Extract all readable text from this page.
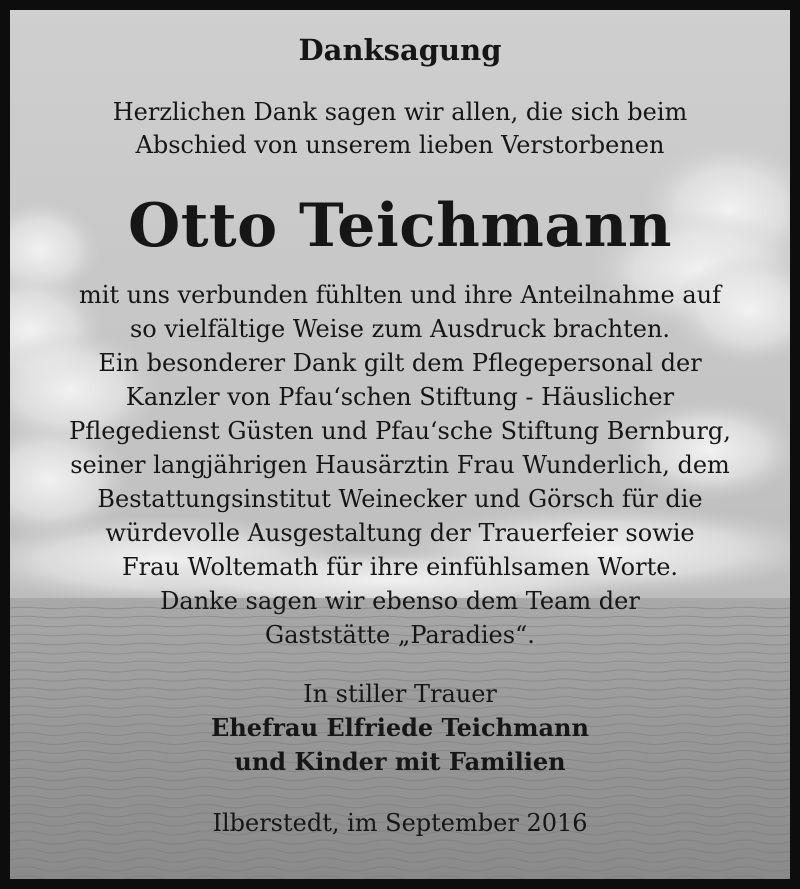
Danksagung
Herzlichen Dank sagen wir allen, die sich beim
Abschied von unserem lieben Verstorbenen
Otto Teichmann
mit uns verbunden fühlten und ihre Anteilnahme auf
so vielfältige Weise zum Ausdruck brachten.
Ein besonderer Dank gilt dem Pflegepersonal der
Kanzler von Pfau‘schen Stiftung - Häuslicher
Pflegedienst Güsten und Pfau‘sche Stiftung Bernburg,
seiner langjährigen Hausärztin Frau Wunderlich, dem
Bestattungsinstitut Weinecker und Görsch für die
würdevolle Ausgestaltung der Trauerfeier sowie
Frau Woltemath für ihre einfühlsamen Worte.
Danke sagen wir ebenso dem Team der
Gaststätte „Paradies“.
In stiller Trauer
Ehefrau Elfriede Teichmann
und Kinder mit Familien
Ilberstedt, im September 2016
